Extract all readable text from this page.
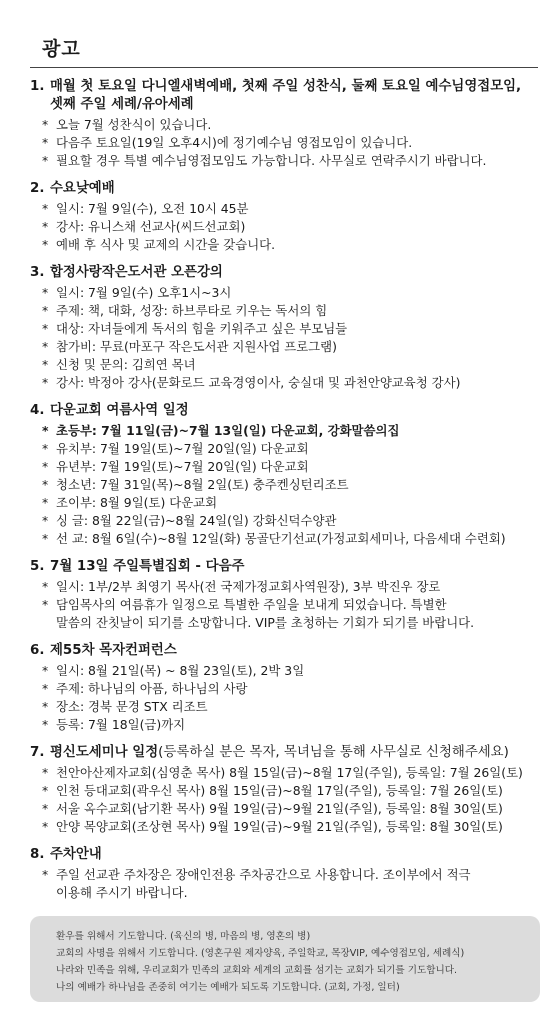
광고
1. 매월 첫 토요일 다니엘새벽예배, 첫째 주일 성찬식, 둘째 토요일 예수님영접모임,
셋째 주일 세례/유아세례
* 오늘 7월 성찬식이 있습니다.
* 다음주 토요일(19일 오후4시)에 정기예수님 영접모임이 있습니다.
* 필요할 경우 특별 예수님영접모임도 가능합니다. 사무실로 연락주시기 바랍니다.
2. 수요낮예배
* 일시: 7월 9일(수), 오전 10시 45분
* 강사: 유니스채 선교사(씨드선교회)
* 예배 후 식사 및 교제의 시간을 갖습니다.
3. 합정사랑작은도서관 오픈강의
* 일시: 7월 9일(수) 오후1시~3시
* 주제: 책, 대화, 성장: 하브루타로 키우는 독서의 힘
* 대상: 자녀들에게 독서의 힘을 키워주고 싶은 부모님들
* 참가비: 무료(마포구 작은도서관 지원사업 프로그램)
* 신청 및 문의: 김희연 목녀
* 강사: 박정아 강사(문화로드 교육경영이사, 숭실대 및 과천안양교육청 강사)
4. 다운교회 여름사역 일정
* 초등부: 7월 11일(금)~7월 13일(일) 다운교회, 강화말씀의집
* 유치부: 7월 19일(토)~7월 20일(일) 다운교회
* 유년부: 7월 19일(토)~7월 20일(일) 다운교회
* 청소년: 7월 31일(목)~8월 2일(토) 충주켄싱턴리조트
* 조이부: 8월 9일(토) 다운교회
* 싱 글: 8월 22일(금)~8월 24일(일) 강화신덕수양관
* 선 교: 8월 6일(수)~8월 12일(화) 몽골단기선교(가정교회세미나, 다음세대 수련회)
5. 7월 13일 주일특별집회 - 다음주
* 일시: 1부/2부 최영기 목사(전 국제가정교회사역원장), 3부 박진우 장로
* 담임목사의 여름휴가 일정으로 특별한 주일을 보내게 되었습니다. 특별한
말씀의 잔칫날이 되기를 소망합니다. VIP를 초청하는 기회가 되기를 바랍니다.
6. 제55차 목자컨퍼런스
* 일시: 8월 21일(목) ~ 8월 23일(토), 2박 3일
* 주제: 하나님의 아픔, 하나님의 사랑
* 장소: 경북 문경 STX 리조트
* 등록: 7월 18일(금)까지
7. 평신도세미나 일정(등록하실 분은 목자, 목녀님을 통해 사무실로 신청해주세요)
* 천안아산제자교회(심영춘 목사) 8월 15일(금)~8월 17일(주일), 등록일: 7월 26일(토)
* 인천 등대교회(곽우신 목사) 8월 15일(금)~8월 17일(주일), 등록일: 7월 26일(토)
* 서울 옥수교회(남기환 목사) 9월 19일(금)~9월 21일(주일), 등록일: 8월 30일(토)
* 안양 목양교회(조상현 목사) 9월 19일(금)~9월 21일(주일), 등록일: 8월 30일(토)
8. 주차안내
* 주일 선교관 주차장은 장애인전용 주차공간으로 사용합니다. 조이부에서 적극
이용해 주시기 바랍니다.
환우를 위해서 기도합니다. (육신의 병, 마음의 병, 영혼의 병)
교회의 사명을 위해서 기도합니다. (영혼구원 제자양육, 주일학교, 목장VIP, 예수영접모임, 세례식)
나라와 민족을 위해, 우리교회가 민족의 교회와 세계의 교회를 섬기는 교회가 되기를 기도합니다.
나의 예배가 하나님을 존중히 여기는 예배가 되도록 기도합니다. (교회, 가정, 일터)
